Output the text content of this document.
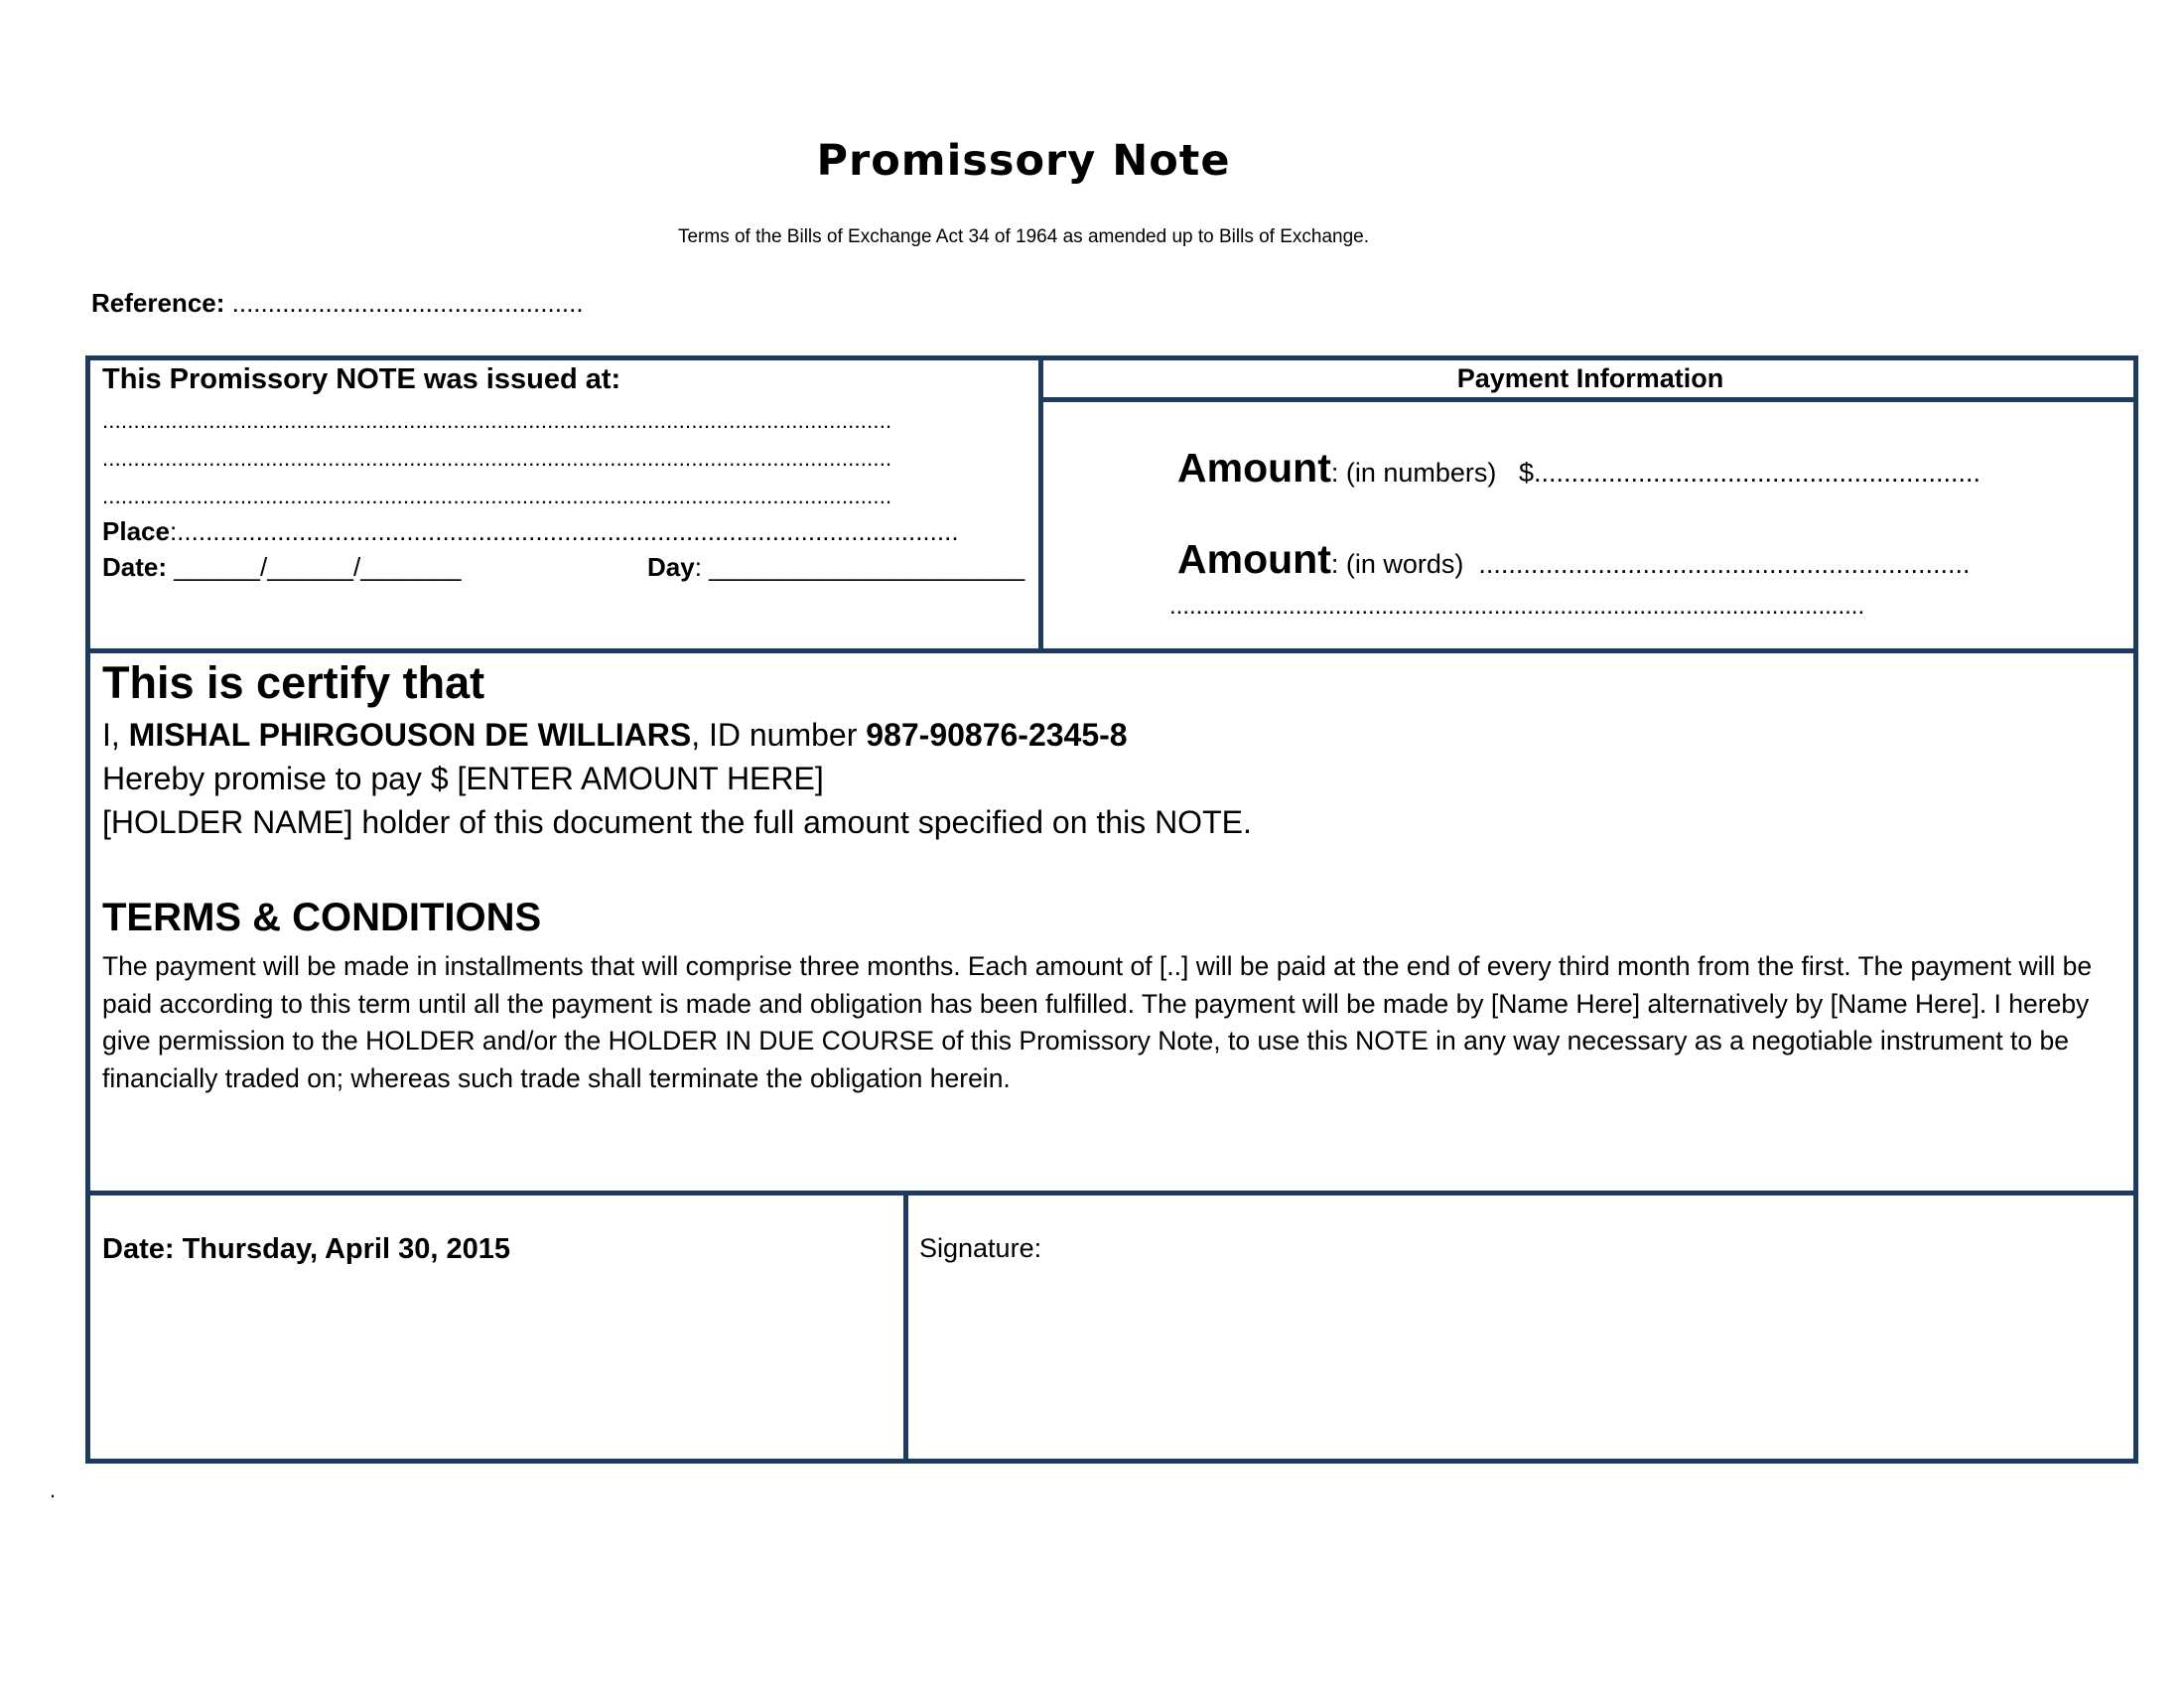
Promissory Note
Terms of the Bills of Exchange Act 34 of 1964 as amended up to Bills of Exchange.
Reference: .................................................
This Promissory NOTE was issued at:
..............................................................................................................................
..............................................................................................................................
..............................................................................................................................
Place:.............................................................................................................
Date: ______/______/_______	Day: ______________________
Payment Information
Amount: (in numbers) $............................................................
Amount: (in words) ..................................................................
.........................................................................................................
This is certify that
I, MISHAL PHIRGOUSON DE WILLIARS, ID number 987-90876-2345-8
Hereby promise to pay $ [ENTER AMOUNT HERE]
[HOLDER NAME] holder of this document the full amount specified on this NOTE.
TERMS & CONDITIONS
The payment will be made in installments that will comprise three months. Each amount of [..] will be paid at the end of every third month from the first. The payment will be paid according to this term until all the payment is made and obligation has been fulfilled. The payment will be made by [Name Here] alternatively by [Name Here]. I hereby give permission to the HOLDER and/or the HOLDER IN DUE COURSE of this Promissory Note, to use this NOTE in any way necessary as a negotiable instrument to be financially traded on; whereas such trade shall terminate the obligation herein.
Date: Thursday, April 30, 2015	Signature:
.
